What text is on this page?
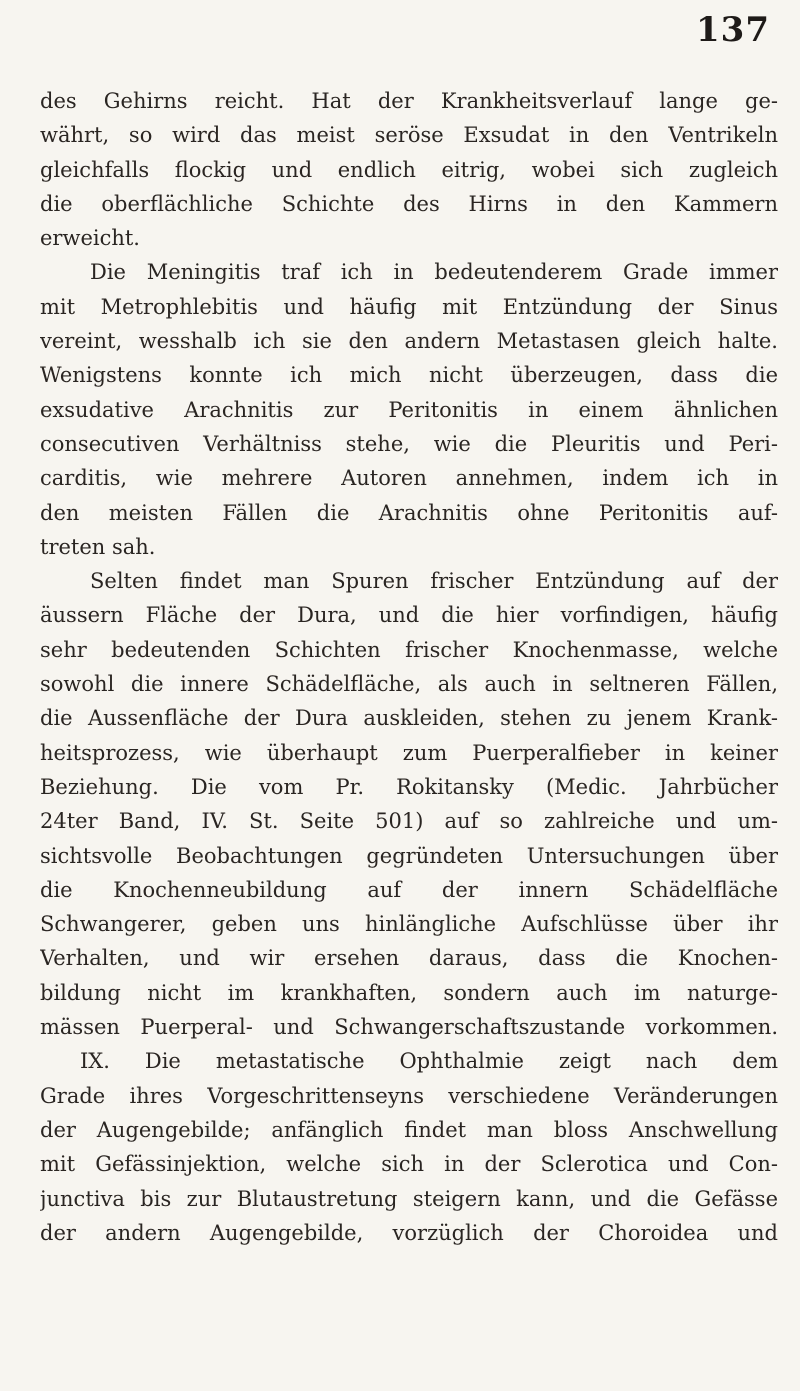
137
des Gehirns reicht. Hat der Krankheitsverlauf lange ge-
währt, so wird das meist seröse Exsudat in den Ventrikeln
gleichfalls flockig und endlich eitrig, wobei sich zugleich
die oberflächliche Schichte des Hirns in den Kammern
erweicht.
Die Meningitis traf ich in bedeutenderem Grade immer
mit Metrophlebitis und häufig mit Entzündung der Sinus
vereint, wesshalb ich sie den andern Metastasen gleich halte.
Wenigstens konnte ich mich nicht überzeugen, dass die
exsudative Arachnitis zur Peritonitis in einem ähnlichen
consecutiven Verhältniss stehe, wie die Pleuritis und Peri-
carditis, wie mehrere Autoren annehmen, indem ich in
den meisten Fällen die Arachnitis ohne Peritonitis auf-
treten sah.
Selten findet man Spuren frischer Entzündung auf der
äussern Fläche der Dura, und die hier vorfindigen, häufig
sehr bedeutenden Schichten frischer Knochenmasse, welche
sowohl die innere Schädelfläche, als auch in seltneren Fällen,
die Aussenfläche der Dura auskleiden, stehen zu jenem Krank-
heitsprozess, wie überhaupt zum Puerperalfieber in keiner
Beziehung. Die vom Pr. Rokitansky (Medic. Jahrbücher
24ter Band, IV. St. Seite 501) auf so zahlreiche und um-
sichtsvolle Beobachtungen gegründeten Untersuchungen über
die Knochenneubildung auf der innern Schädelfläche
Schwangerer, geben uns hinlängliche Aufschlüsse über ihr
Verhalten, und wir ersehen daraus, dass die Knochen-
bildung nicht im krankhaften, sondern auch im naturge-
mässen Puerperal- und Schwangerschaftszustande vorkommen.
IX. Die metastatische Ophthalmie zeigt nach dem
Grade ihres Vorgeschrittenseyns verschiedene Veränderungen
der Augengebilde; anfänglich findet man bloss Anschwellung
mit Gefässinjektion, welche sich in der Sclerotica und Con-
junctiva bis zur Blutaustretung steigern kann, und die Gefässe
der andern Augengebilde, vorzüglich der Choroidea und
